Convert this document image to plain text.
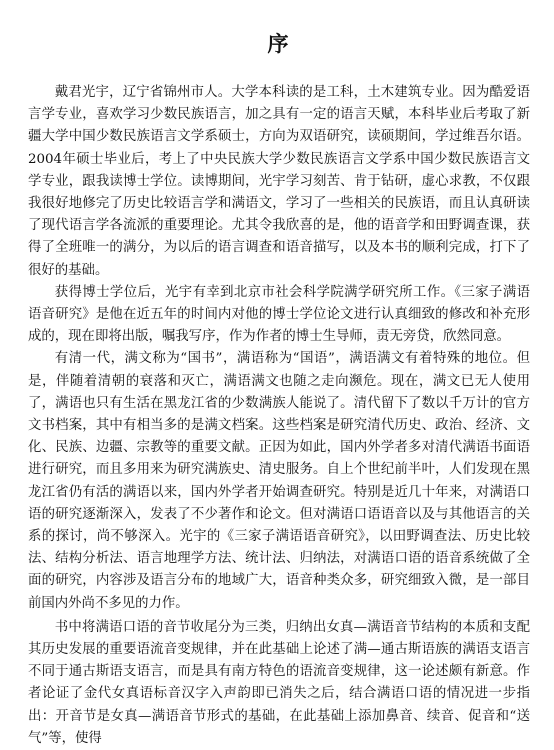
序

戴君光宇，辽宁省锦州市人。大学本科读的是工科，土木建筑专业。因为酷爱语言学专业，喜欢学习少数民族语言，加之具有一定的语言天赋，本科毕业后考取了新疆大学中国少数民族语言文学系硕士，方向为双语研究，读硕期间，学过维吾尔语。2004年硕士毕业后，考上了中央民族大学少数民族语言文学系中国少数民族语言文学专业，跟我读博士学位。读博期间，光宇学习刻苦、肯于钻研，虚心求教，不仅跟我很好地修完了历史比较语言学和满语文，学习了一些相关的民族语，而且认真研读了现代语言学各流派的重要理论。尤其令我欣喜的是，他的语音学和田野调查课，获得了全班唯一的满分，为以后的语言调查和语音描写，以及本书的顺利完成，打下了很好的基础。

获得博士学位后，光宇有幸到北京市社会科学院满学研究所工作。《三家子满语语音研究》是他在近五年的时间内对他的博士学位论文进行认真细致的修改和补充形成的，现在即将出版，嘱我写序，作为作者的博士生导师，责无旁贷，欣然同意。

有清一代，满文称为“国书”，满语称为“国语”，满语满文有着特殊的地位。但是，伴随着清朝的衰落和灭亡，满语满文也随之走向濒危。现在，满文已无人使用了，满语也只有生活在黑龙江省的少数满族人能说了。清代留下了数以千万计的官方文书档案，其中有相当多的是满文档案。这些档案是研究清代历史、政治、经济、文化、民族、边疆、宗教等的重要文献。正因为如此，国内外学者多对清代满语书面语进行研究，而且多用来为研究满族史、清史服务。自上个世纪前半叶，人们发现在黑龙江省仍有活的满语以来，国内外学者开始调查研究。特别是近几十年来，对满语口语的研究逐渐深入，发表了不少著作和论文。但对满语口语语音以及与其他语言的关系的探讨，尚不够深入。光宇的《三家子满语语音研究》，以田野调查法、历史比较法、结构分析法、语言地理学方法、统计法、归纳法，对满语口语的语音系统做了全面的研究，内容涉及语言分布的地域广大，语音种类众多，研究细致入微，是一部目前国内外尚不多见的力作。

书中将满语口语的音节收尾分为三类，归纳出女真—满语音节结构的本质和支配其历史发展的重要语流音变规律，并在此基础上论述了满—通古斯语族的满语支语言不同于通古斯语支语言，而是具有南方特色的语流音变规律，这一论述颇有新意。作者论证了金代女真语标音汉字入声韵即已消失之后，结合满语口语的情况进一步指出：开音节是女真—满语音节形式的基础，在此基础上添加鼻音、续音、促音和“送气”等，使得
